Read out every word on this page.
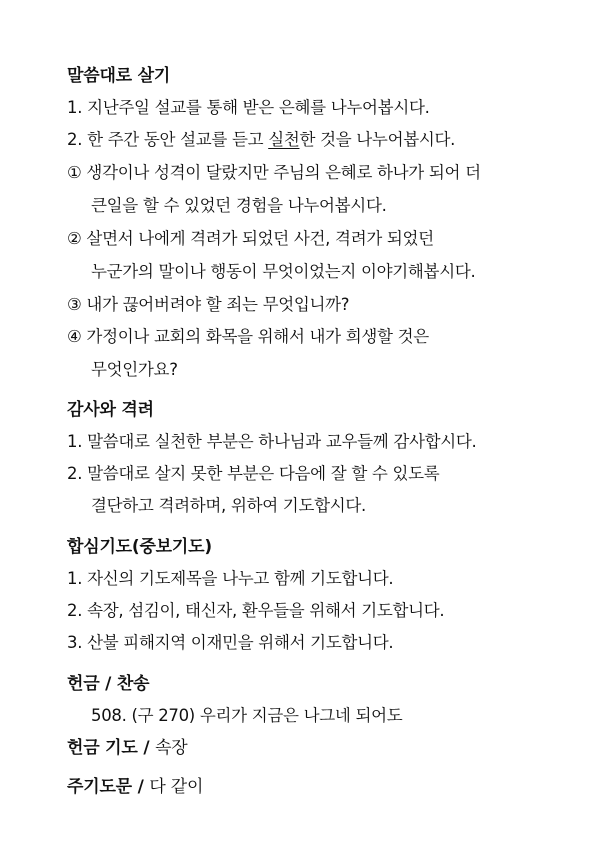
말씀대로 살기
1. 지난주일 설교를 통해 받은 은혜를 나누어봅시다.
2. 한 주간 동안 설교를 듣고 실천한 것을 나누어봅시다.
① 생각이나 성격이 달랐지만 주님의 은혜로 하나가 되어 더
큰일을 할 수 있었던 경험을 나누어봅시다.
② 살면서 나에게 격려가 되었던 사건, 격려가 되었던
누군가의 말이나 행동이 무엇이었는지 이야기해봅시다.
③ 내가 끊어버려야 할 죄는 무엇입니까?
④ 가정이나 교회의 화목을 위해서 내가 희생할 것은
무엇인가요?
감사와 격려
1. 말씀대로 실천한 부분은 하나님과 교우들께 감사합시다.
2. 말씀대로 살지 못한 부분은 다음에 잘 할 수 있도록
결단하고 격려하며, 위하여 기도합시다.
합심기도(중보기도)
1. 자신의 기도제목을 나누고 함께 기도합니다.
2. 속장, 섬김이, 태신자, 환우들을 위해서 기도합니다.
3. 산불 피해지역 이재민을 위해서 기도합니다.
헌금 / 찬송
508. (구 270) 우리가 지금은 나그네 되어도
헌금 기도 / 속장
주기도문 / 다 같이
